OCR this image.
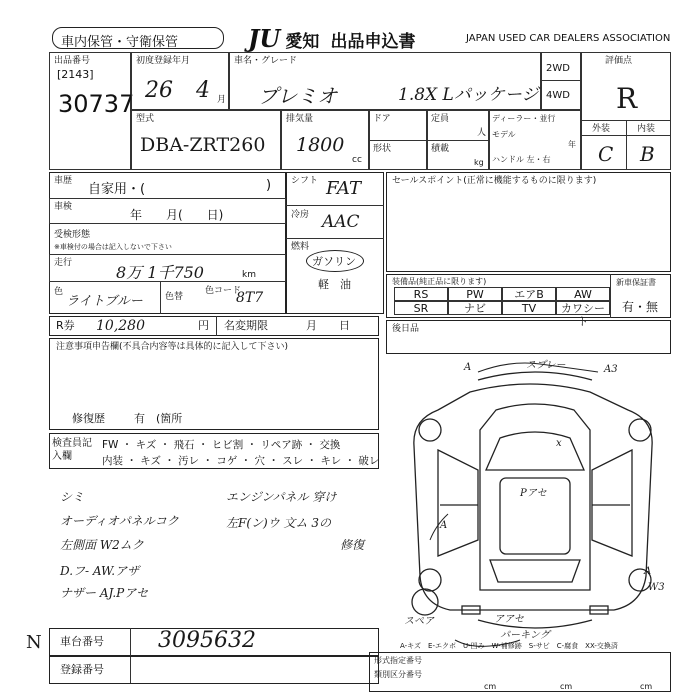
車内保管・守衛保管	JU 愛知 出品申込書	JAPAN USED CAR DEALERS ASSOCIATION
出品番号
[2143]
30737
初度登録年月
26 4 月
車名・グレード
プレミオ	1.8X Lパッケージ
2WD
4WD
評価点
R
外装	内装
C B
型式
DBA-ZRT260
排気量
1800
cc
ドア
形状
定員
人
積載
kg
ディーラー・並行
モデル
年
ハンドル 左・右
車歴
自家用・(	)
車検
年　　月(　　日)
受検形態
※車検付の場合は記入しないで下さい
走行	8万 1千750	km
色
ライトブルー 色替
色コード
8T7
R券 10,280	円 名変期限	月　　日
シフト FAT
冷房 AAC
燃料
ガソリン
軽　油
セールスポイント(正常に機能するものに限ります)
装備品(純正品に限ります)
RS	PW	エアB	AW
SR	ナビ	TV	カワシート
新車保証書
有・無
後日品
注意事項申告欄(不具合内容等は具体的に記入して下さい)
修復歴	有　(箇所
検査員記入欄
FW ・ キズ ・ 飛石 ・ ヒビ割 ・ リペア跡 ・ 交換
内装 ・ キズ ・ 汚レ ・ コゲ ・ 穴 ・ スレ ・ キレ ・ 破レ
シミ
オーディオパネルコク
左側面 W2ムク
D.フ- AW.アザ
ナザー AJ.Pアセ
エンジンパネル 穿け
左F(ン)ウ 文ム 3の
修復
A	スプレー	A3
x
Pアセ
A
A
W3
アアセ
スペア
パーキング
A-キズ　E-エクボ　U-凹み　W-補修跡　S-サビ　C-腐食　XX-交換済
車台番号 3095632
登録番号
形式指定番号
類別区分番号
cm	cm	cm
N
